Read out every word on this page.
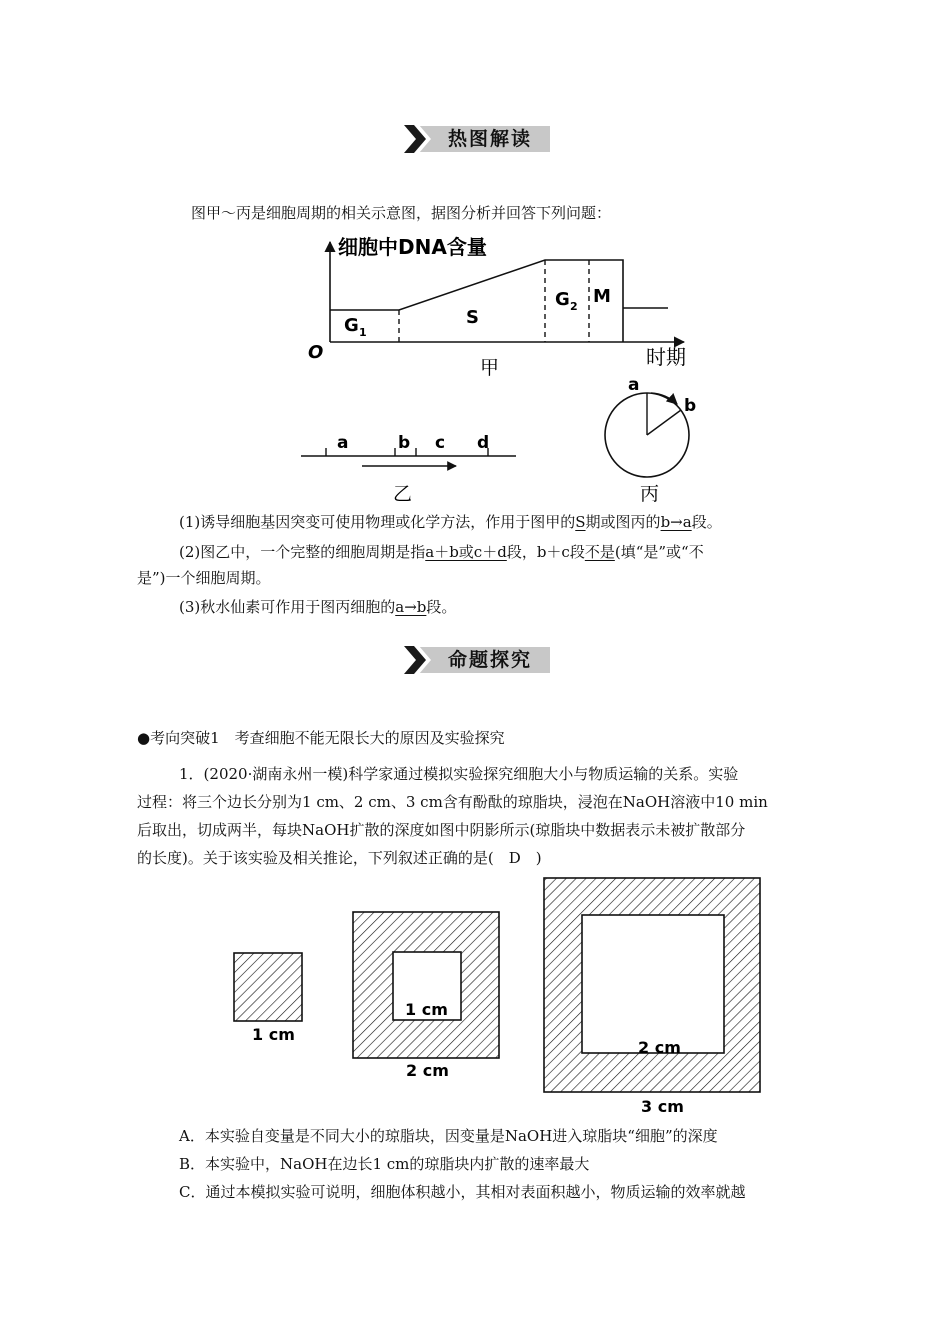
热图解读
图甲～丙是细胞周期的相关示意图，据图分析并回答下列问题：
细胞中DNA含量
时期
O
G 1
S
G 2 M
甲
a	b c d
乙
a
b
丙
(1)诱导细胞基因突变可使用物理或化学方法，作用于图甲的S期或图丙的b→a段。
(2)图乙中，一个完整的细胞周期是指a＋b或c＋d段，b＋c段不是(填“是”或“不
是”)一个细胞周期。
(3)秋水仙素可作用于图丙细胞的a→b段。
命题探究
●考向突破1　考查细胞不能无限长大的原因及实验探究
1．(2020·湖南永州一模)科学家通过模拟实验探究细胞大小与物质运输的关系。实验
过程：将三个边长分别为1 cm、2 cm、3 cm含有酚酞的琼脂块，浸泡在NaOH溶液中10 min
后取出，切成两半，每块NaOH扩散的深度如图中阴影所示(琼脂块中数据表示未被扩散部分
的长度)。关于该实验及相关推论，下列叙述正确的是(　D　)
1 cm
1 cm
2 cm
2 cm
3 cm
A．本实验自变量是不同大小的琼脂块，因变量是NaOH进入琼脂块“细胞”的深度
B．本实验中，NaOH在边长1 cm的琼脂块内扩散的速率最大
C．通过本模拟实验可说明，细胞体积越小，其相对表面积越小，物质运输的效率就越
